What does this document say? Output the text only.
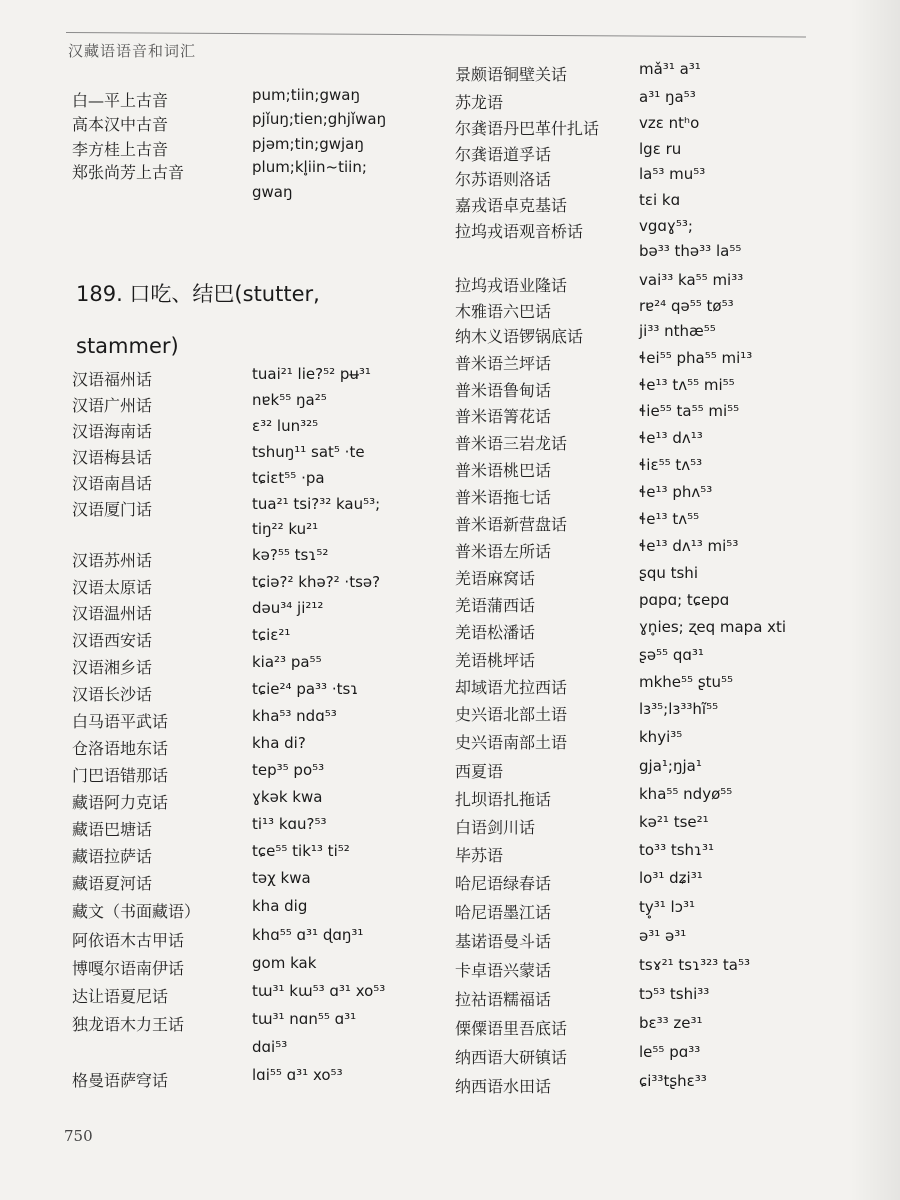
汉藏语语音和词汇
白—平上古音	pum;tiin;gwaŋ
高本汉中古音	pjǐuŋ;tien;ghjǐwaŋ
李方桂上古音	pjəm;tin;gwjaŋ
郑张尚芳上古音	plum;kl̥iin~tiin;
gwaŋ
汉语福州话	tuai²¹ lie?⁵² pʉ³¹
汉语广州话	nɐk⁵⁵ ŋa²⁵
汉语海南话	ɛ³² lun³²⁵
汉语梅县话	tshuŋ¹¹ sat⁵ ·te
汉语南昌话	tɕiɛt⁵⁵ ·pa
汉语厦门话	tua²¹ tsi?³² kau⁵³;
tiŋ²² ku²¹
汉语苏州话	kə?⁵⁵ tsɿ⁵²
汉语太原话	tɕiə?² khə?² ·tsə?
汉语温州话	dəu³⁴ ji²¹²
汉语西安话	tɕiɛ²¹
汉语湘乡话	kia²³ pa⁵⁵
汉语长沙话	tɕie²⁴ pa³³ ·tsɿ
白马语平武话	kha⁵³ ndɑ⁵³
仓洛语地东话	kha di?
门巴语错那话	tep³⁵ po⁵³
藏语阿力克话	ɣkək kwa
藏语巴塘话	ti¹³ kɑu?⁵³
藏语拉萨话	tɕe⁵⁵ tik¹³ ti⁵²
藏语夏河话	təχ kwa
藏文（书面藏语）	kha dig
阿依语木古甲话	khɑ⁵⁵ ɑ³¹ ɖɑŋ³¹
博嘎尔语南伊话	gom kak
达让语夏尼话	tɯ³¹ kɯ⁵³ ɑ³¹ xo⁵³
独龙语木力王话	tɯ³¹ nɑn⁵⁵ ɑ³¹
dɑi⁵³
格曼语萨穹话	lɑi⁵⁵ ɑ³¹ xo⁵³
189. 口吃、结巴(stutter, stammer)
景颇语铜壁关话	mǎ³¹ a³¹
苏龙语	a³¹ ŋa⁵³
尔龚语丹巴革什扎话	vzɛ ntʰo
尔龚语道孚话	lgɛ ru
尔苏语则洛话	la⁵³ mu⁵³
嘉戎语卓克基话	tɛi kɑ
拉坞戎语观音桥话	vgɑɣ⁵³;
bə³³ thə³³ la⁵⁵
拉坞戎语业隆话	vai³³ ka⁵⁵ mi³³
木雅语六巴话	rɐ²⁴ qə⁵⁵ tø⁵³
纳木义语锣锅底话	ji³³ nthæ⁵⁵
普米语兰坪话	ɬei⁵⁵ pha⁵⁵ mi¹³
普米语鲁甸话	ɬe¹³ tʌ⁵⁵ mi⁵⁵
普米语箐花话	ɬie⁵⁵ ta⁵⁵ mi⁵⁵
普米语三岩龙话	ɬe¹³ dʌ¹³
普米语桃巴话	ɬiɛ⁵⁵ tʌ⁵³
普米语拖七话	ɬe¹³ phʌ⁵³
普米语新营盘话	ɬe¹³ tʌ⁵⁵
普米语左所话	ɬe¹³ dʌ¹³ mi⁵³
羌语麻窝话	ʂqu tshi
羌语蒲西话	pɑpɑ; tɕepɑ
羌语松潘话	ɣn̥ies; ʐeq mapa xti
羌语桃坪话	ʂə⁵⁵ qɑ³¹
却域语尤拉西话	mkhe⁵⁵ ʂtu⁵⁵
史兴语北部土语	lɜ³⁵;lɜ³³hĩ⁵⁵
史兴语南部土语	khyi³⁵
西夏语	gja¹;ŋja¹
扎坝语扎拖话	kha⁵⁵ ndyø⁵⁵
白语剑川话	kə²¹ tse²¹
毕苏语	to³³ tshɿ³¹
哈尼语绿春话	lo³¹ dʑi³¹
哈尼语墨江话	ty̥³¹ lɔ³¹
基诺语曼斗话	ə³¹ ə³¹
卡卓语兴蒙话	tsɤ²¹ tsɿ³²³ ta⁵³
拉祜语糯福话	tɔ⁵³ tshi³³
傈僳语里吾底话	bɛ³³ ze³¹
纳西语大研镇话	le⁵⁵ pɑ³³
纳西语水田话	ɕi³³tʂhɛ³³
750
